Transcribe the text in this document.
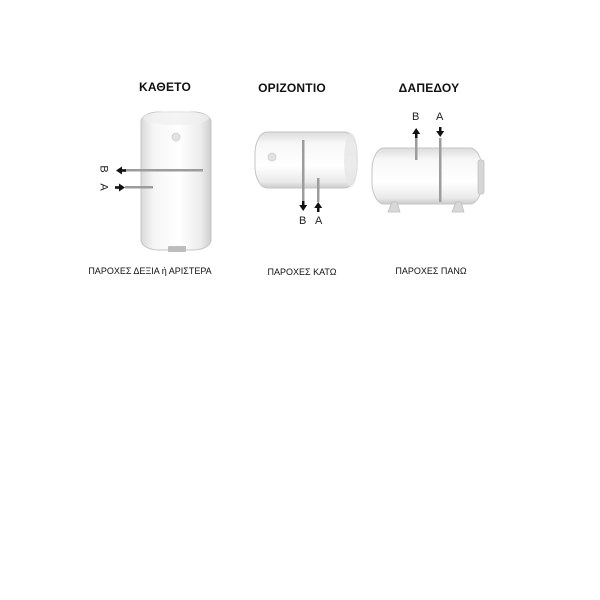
ΚΑΘΕΤΟ	ΟΡΙΖΟΝΤΙΟ	ΔΑΠΕΔΟΥ
B
A
B A
B A
ΠΑΡΟΧΕΣ ΔΕΞΙΑ ή ΑΡΙΣΤΕΡΑ	ΠΑΡΟΧΕΣ ΚΑΤΩ	ΠΑΡΟΧΕΣ ΠΑΝΩ
